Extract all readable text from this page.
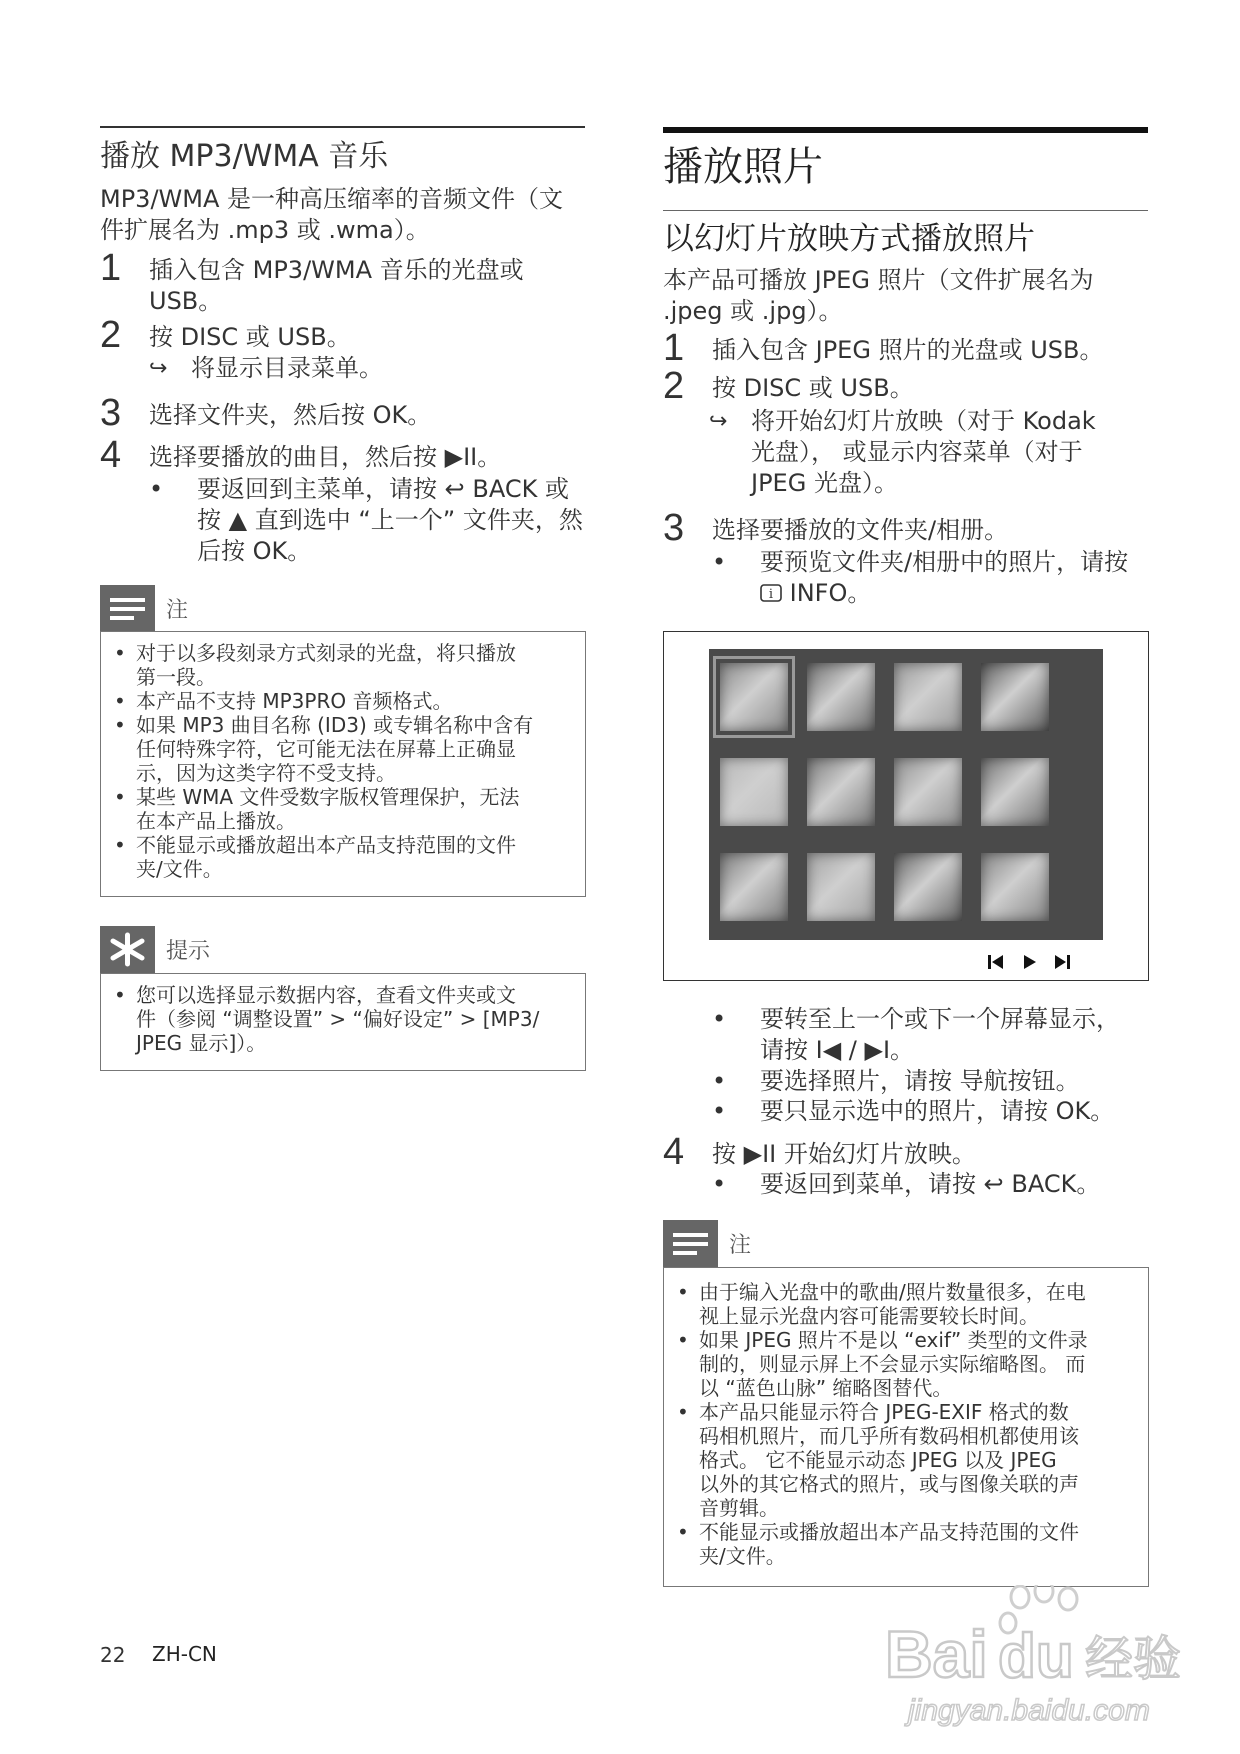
播放 MP3/WMA 音乐
MP3/WMA 是一种高压缩率的音频文件（文
件扩展名为 .mp3 或 .wma）。
1 插入包含 MP3/WMA 音乐的光盘或
USB。
2 按 DISC 或 USB。
↪ 将显示目录菜单。
3 选择文件夹，然后按 OK。
4 选择要播放的曲目，然后按 ▶II。
• 要返回到主菜单，请按 ↩ BACK 或
按 ▲ 直到选中 “上一个” 文件夹，然
后按 OK。
注
• 对于以多段刻录方式刻录的光盘，将只播放
第一段。
• 本产品不支持 MP3PRO 音频格式。
• 如果 MP3 曲目名称 (ID3) 或专辑名称中含有
任何特殊字符，它可能无法在屏幕上正确显
示，因为这类字符不受支持。
• 某些 WMA 文件受数字版权管理保护，无法
在本产品上播放。
• 不能显示或播放超出本产品支持范围的文件
夹/文件。
提示
• 您可以选择显示数据内容，查看文件夹或文
件（参阅 “调整设置” > “偏好设定” > [MP3/
JPEG 显示]）。
播放照片
以幻灯片放映方式播放照片
本产品可播放 JPEG 照片（文件扩展名为
.jpeg 或 .jpg）。
1 插入包含 JPEG 照片的光盘或 USB。
2 按 DISC 或 USB。
↪ 将开始幻灯片放映（对于 Kodak
光盘）， 或显示内容菜单（对于
JPEG 光盘）。
3 选择要播放的文件夹/相册。
• 要预览文件夹/相册中的照片，请按
i INFO。
• 要转至上一个或下一个屏幕显示，
请按 I◀ / ▶I。
• 要选择照片，请按 导航按钮。
• 要只显示选中的照片，请按 OK。
4 按 ▶II 开始幻灯片放映。
• 要返回到菜单，请按 ↩ BACK。
注
• 由于编入光盘中的歌曲/照片数量很多，在电
视上显示光盘内容可能需要较长时间。
• 如果 JPEG 照片不是以 “exif” 类型的文件录
制的，则显示屏上不会显示实际缩略图。 而
以 “蓝色山脉” 缩略图替代。
• 本产品只能显示符合 JPEG-EXIF 格式的数
码相机照片，而几乎所有数码相机都使用该
格式。 它不能显示动态 JPEG 以及 JPEG
以外的其它格式的照片，或与图像关联的声
音剪辑。
• 不能显示或播放超出本产品支持范围的文件
夹/文件。
22 ZH-CN	Bai du 经验
jingyan.baidu.com
